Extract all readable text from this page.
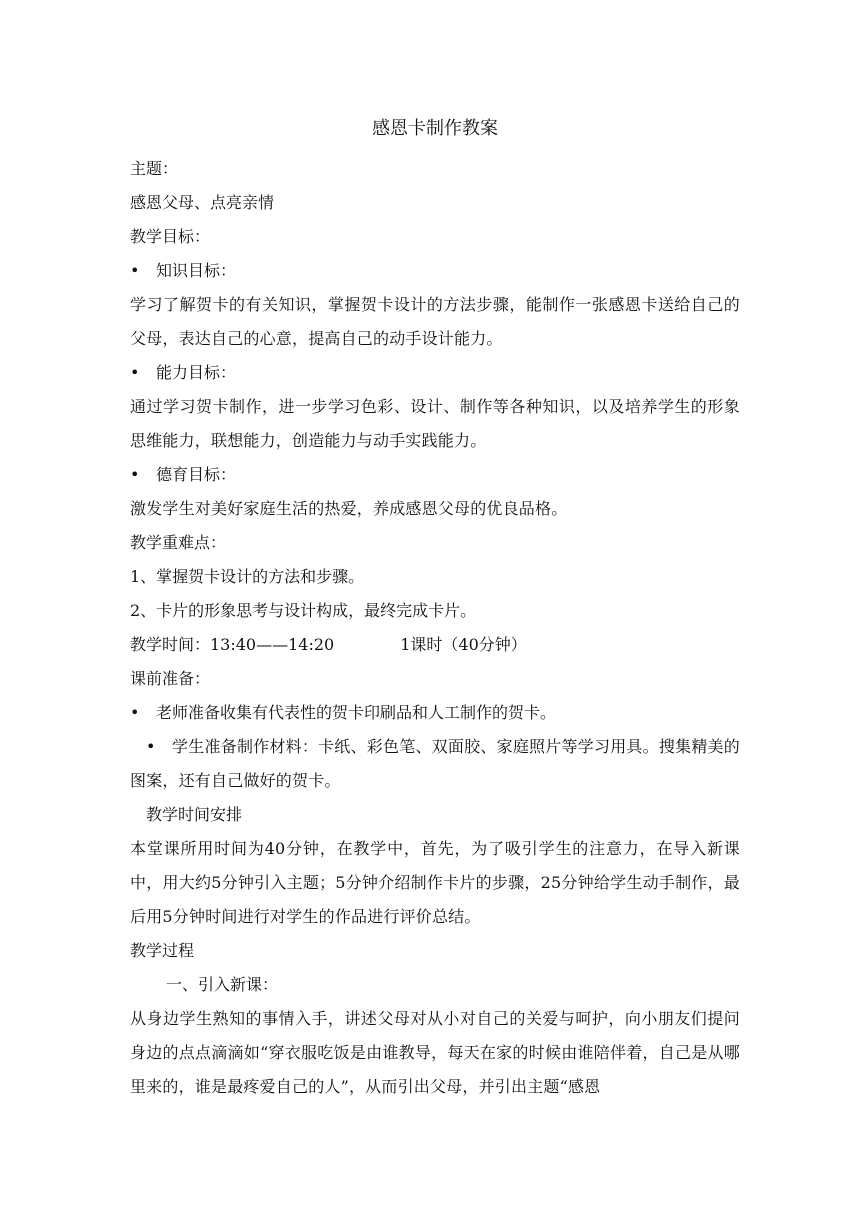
感恩卡制作教案
主题：
感恩父母、点亮亲情
教学目标：
• 知识目标：
学习了解贺卡的有关知识，掌握贺卡设计的方法步骤，能制作一张感恩卡送给自己的父母，表达自己的心意，提高自己的动手设计能力。
• 能力目标：
通过学习贺卡制作，进一步学习色彩、设计、制作等各种知识，以及培养学生的形象思维能力，联想能力，创造能力与动手实践能力。
• 德育目标：
激发学生对美好家庭生活的热爱，养成感恩父母的优良品格。
教学重难点：
1、掌握贺卡设计的方法和步骤。
2、卡片的形象思考与设计构成，最终完成卡片。
教学时间：13:40——14:20	1课时（40分钟）
课前准备：
• 老师准备收集有代表性的贺卡印刷品和人工制作的贺卡。
• 学生准备制作材料：卡纸、彩色笔、双面胶、家庭照片等学习用具。搜集精美的图案，还有自己做好的贺卡。
教学时间安排
本堂课所用时间为40分钟，在教学中，首先，为了吸引学生的注意力，在导入新课中，用大约5分钟引入主题；5分钟介绍制作卡片的步骤，25分钟给学生动手制作，最后用5分钟时间进行对学生的作品进行评价总结。
教学过程
一、引入新课：
从身边学生熟知的事情入手，讲述父母对从小对自己的关爱与呵护，向小朋友们提问身边的点点滴滴如“穿衣服吃饭是由谁教导，每天在家的时候由谁陪伴着，自己是从哪里来的，谁是最疼爱自己的人”，从而引出父母，并引出主题“感恩
